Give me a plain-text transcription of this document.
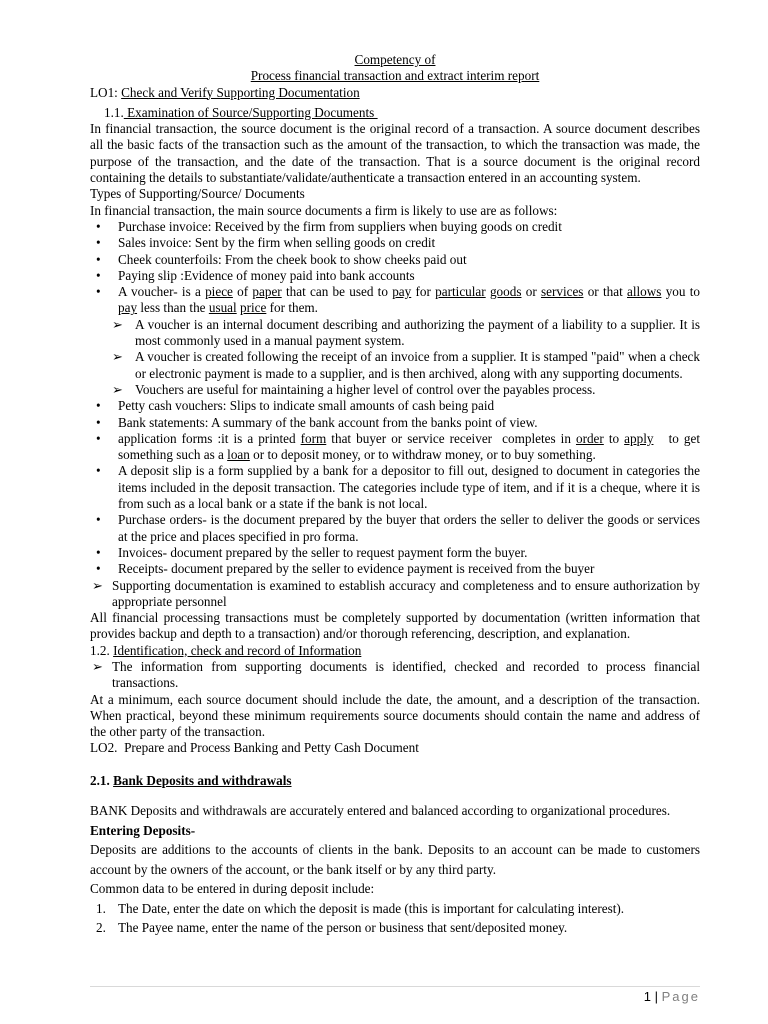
Competency of

Process financial transaction and extract interim report

LO1: Check and Verify Supporting Documentation

1.1. Examination of Source/Supporting Documents

In financial transaction, the source document is the original record of a transaction. A source document describes all the basic facts of the transaction such as the amount of the transaction, to which the transaction was made, the purpose of the transaction, and the date of the transaction. That is a source document is the original record containing the details to substantiate/validate/authenticate a transaction entered in an accounting system.

Types of Supporting/Source/ Documents

In financial transaction, the main source documents a firm is likely to use are as follows:

• Purchase invoice: Received by the firm from suppliers when buying goods on credit
• Sales invoice: Sent by the firm when selling goods on credit
• Cheek counterfoils: From the cheek book to show cheeks paid out
• Paying slip :Evidence of money paid into bank accounts
• A voucher- is a piece of paper that can be used to pay for particular goods or services or that allows you to pay less than the usual price for them.
➢ A voucher is an internal document describing and authorizing the payment of a liability to a supplier. It is most commonly used in a manual payment system.
➢ A voucher is created following the receipt of an invoice from a supplier. It is stamped "paid" when a check or electronic payment is made to a supplier, and is then archived, along with any supporting documents.
➢ Vouchers are useful for maintaining a higher level of control over the payables process.
• Petty cash vouchers: Slips to indicate small amounts of cash being paid
• Bank statements: A summary of the bank account from the banks point of view.
• application forms :it is a printed form that buyer or service receiver  completes in order to apply   to get something such as a loan or to deposit money, or to withdraw money, or to buy something.
• A deposit slip is a form supplied by a bank for a depositor to fill out, designed to document in categories the items included in the deposit transaction. The categories include type of item, and if it is a cheque, where it is from such as a local bank or a state if the bank is not local.
• Purchase orders- is the document prepared by the buyer that orders the seller to deliver the goods or services at the price and places specified in pro forma.
• Invoices- document prepared by the seller to request payment form the buyer.
• Receipts- document prepared by the seller to evidence payment is received from the buyer
➢ Supporting documentation is examined to establish accuracy and completeness and to ensure authorization by appropriate personnel

All financial processing transactions must be completely supported by documentation (written information that provides backup and depth to a transaction) and/or thorough referencing, description, and explanation.

1.2. Identification, check and record of Information

➢ The information from supporting documents is identified, checked and recorded to process financial transactions.

At a minimum, each source document should include the date, the amount, and a description of the transaction. When practical, beyond these minimum requirements source documents should contain the name and address of the other party of the transaction.

LO2.  Prepare and Process Banking and Petty Cash Document

2.1. Bank Deposits and withdrawals

BANK Deposits and withdrawals are accurately entered and balanced according to organizational procedures.

Entering Deposits-

Deposits are additions to the accounts of clients in the bank. Deposits to an account can be made to customers account by the owners of the account, or the bank itself or by any third party.

Common data to be entered in during deposit include:

1. The Date, enter the date on which the deposit is made (this is important for calculating interest).
2. The Payee name, enter the name of the person or business that sent/deposited money.
1 | Page
